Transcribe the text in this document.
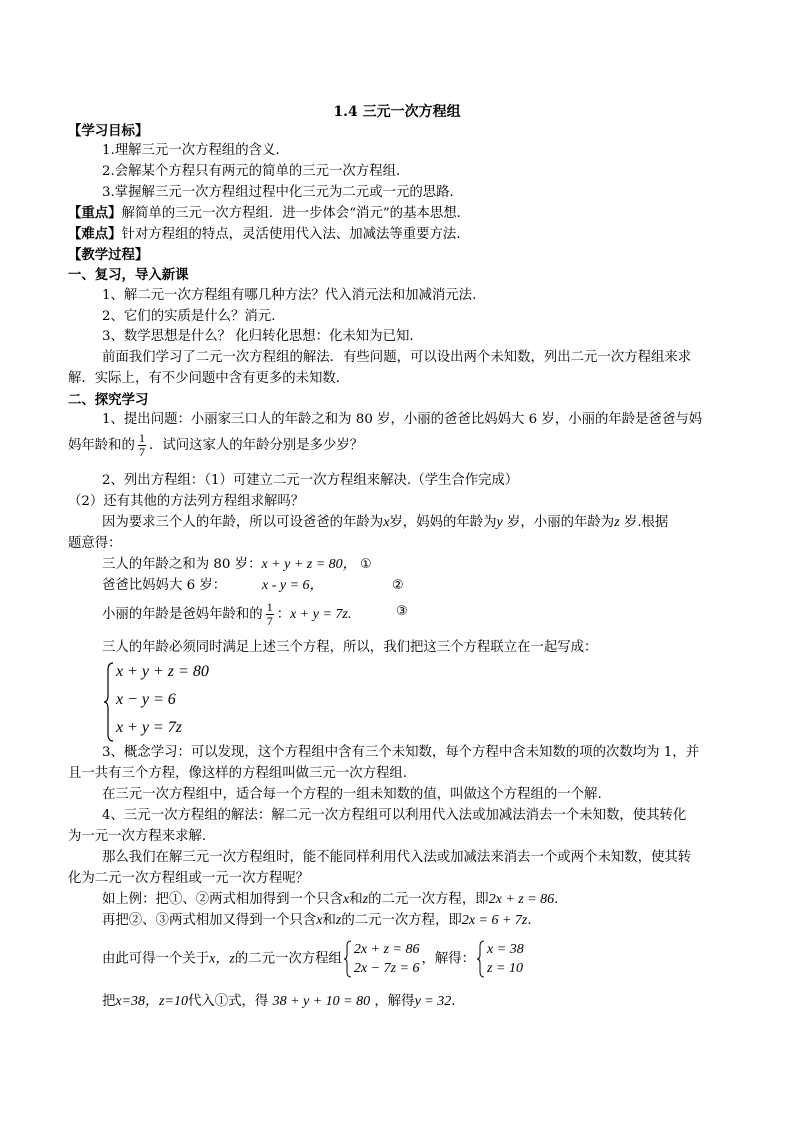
1.4 三元一次方程组
【学习目标】
1.理解三元一次方程组的含义．
2.会解某个方程只有两元的简单的三元一次方程组．
3.掌握解三元一次方程组过程中化三元为二元或一元的思路．
【重点】解简单的三元一次方程组．进一步体会“消元”的基本思想．
【难点】针对方程组的特点，灵活使用代入法、加减法等重要方法．
【教学过程】
一、复习，导入新课
1、解二元一次方程组有哪几种方法？代入消元法和加减消元法.
2、它们的实质是什么？消元.
3、数学思想是什么？ 化归转化思想：化未知为已知.
前面我们学习了二元一次方程组的解法．有些问题，可以设出两个未知数，列出二元一次方程组来求
解．实际上，有不少问题中含有更多的未知数．
二、探究学习
1、提出问题：小丽家三口人的年龄之和为 80 岁，小丽的爸爸比妈妈大 6 岁，小丽的年龄是爸爸与妈
妈年龄和的 $\frac{1}{7}$ ．试问这家人的年龄分别是多少岁？
2、列出方程组：（1）可建立二元一次方程组来解决.（学生合作完成）
（2）还有其他的方法列方程组求解吗？
因为要求三个人的年龄，所以可设爸爸的年龄为x岁，妈妈的年龄为y 岁，小丽的年龄为z 岁.根据
题意得：
三人的年龄之和为 80 岁：x + y + z = 80， ①
爸爸比妈妈大 6 岁：	x - y = 6，	②
小丽的年龄是爸妈年龄和的 $\frac{1}{7}$ ：x + y = 7z.	③
三人的年龄必须同时满足上述三个方程，所以，我们把这三个方程联立在一起写成：
x + y + z = 80
x − y = 6
x + y = 7z
3、概念学习：可以发现，这个方程组中含有三个未知数，每个方程中含未知数的项的次数均为 1，并
且一共有三个方程，像这样的方程组叫做三元一次方程组.
在三元一次方程组中，适合每一个方程的一组未知数的值，叫做这个方程组的一个解.
4、三元一次方程组的解法：解二元一次方程组可以利用代入法或加减法消去一个未知数，使其转化
为一元一次方程来求解.
那么我们在解三元一次方程组时，能不能同样利用代入法或加减法来消去一个或两个未知数，使其转
化为二元一次方程组或一元一次方程呢？
如上例：把①、②两式相加得到一个只含x和z的二元一次方程，即2x + z = 86.
再把②、③两式相加又得到一个只含x和z的二元一次方程，即2x = 6 + 7z.
由此可得一个关于x，z的二元一次方程组
2x + z = 86
2x − 7z = 6
，解得：
x = 38
z = 10
把x=38，z=10代入①式，得 38 + y + 10 = 80 ，解得y = 32.
